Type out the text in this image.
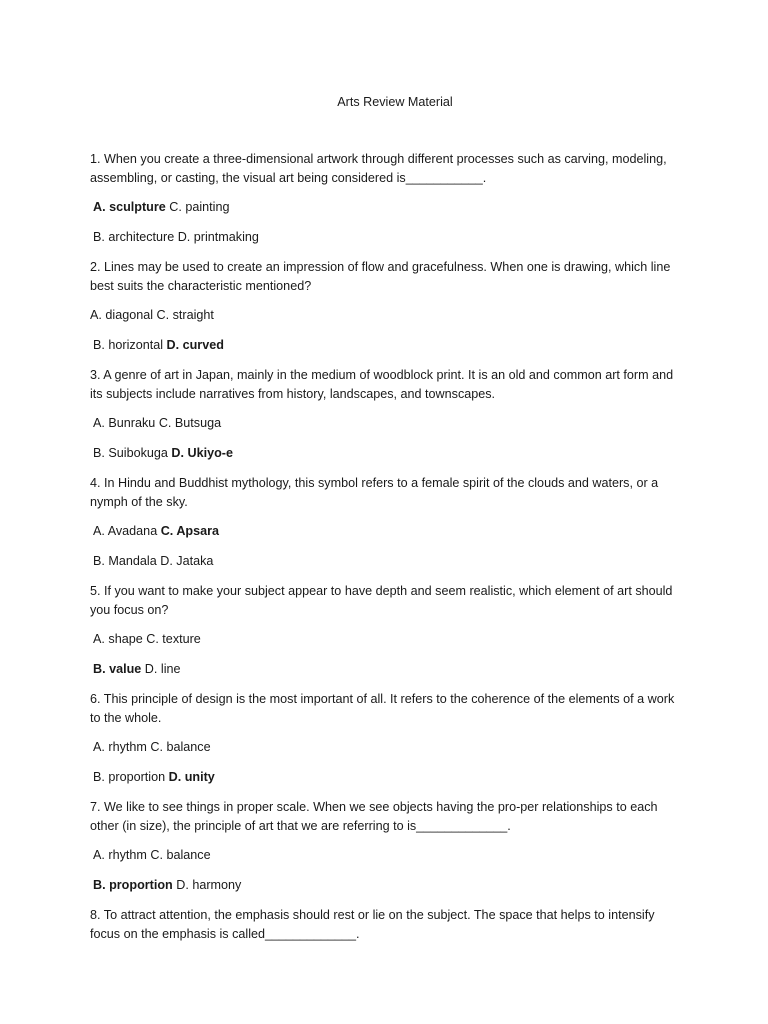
Arts Review Material

1. When you create a three-dimensional artwork through different processes such as carving, modeling, assembling, or casting, the visual art being considered is___________.

A. sculpture C. painting

B. architecture D. printmaking

2. Lines may be used to create an impression of flow and gracefulness. When one is drawing, which line best suits the characteristic mentioned?

A. diagonal C. straight

B. horizontal D. curved

3. A genre of art in Japan, mainly in the medium of woodblock print. It is an old and common art form and its subjects include narratives from history, landscapes, and townscapes.

A. Bunraku C. Butsuga

B. Suibokuga D. Ukiyo-e

4. In Hindu and Buddhist mythology, this symbol refers to a female spirit of the clouds and waters, or a nymph of the sky.

A. Avadana C. Apsara

B. Mandala D. Jataka

5. If you want to make your subject appear to have depth and seem realistic, which element of art should you focus on?

A. shape C. texture

B. value D. line

6. This principle of design is the most important of all. It refers to the coherence of the elements of a work to the whole.

A. rhythm C. balance

B. proportion D. unity

7. We like to see things in proper scale. When we see objects having the pro-per relationships to each other (in size), the principle of art that we are referring to is_____________.

A. rhythm C. balance

B. proportion D. harmony

8. To attract attention, the emphasis should rest or lie on the subject. The space that helps to intensify focus on the emphasis is called_____________.
